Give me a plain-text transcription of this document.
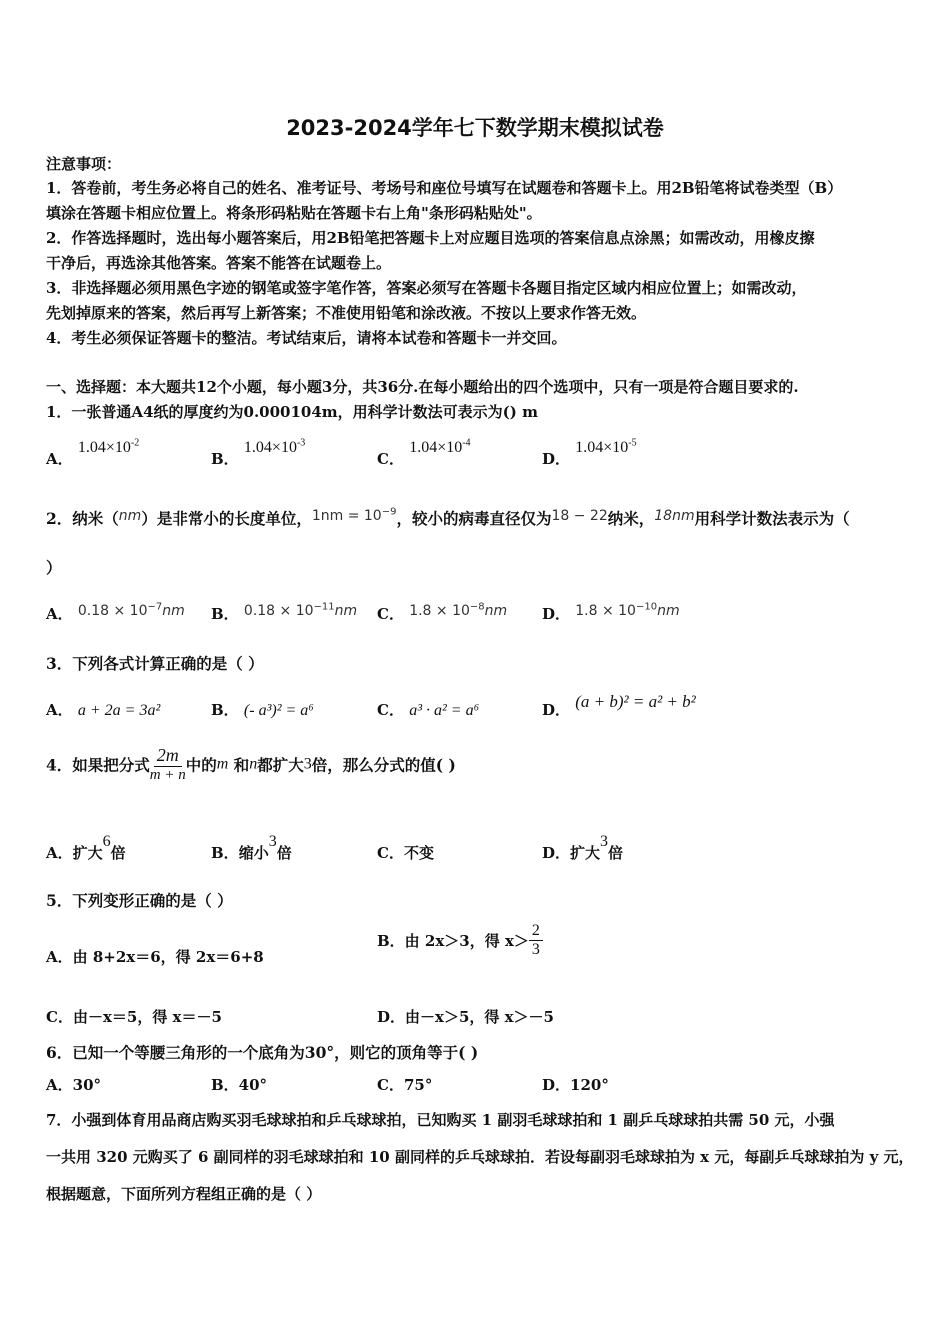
2023-2024学年七下数学期末模拟试卷
注意事项：
1．答卷前，考生务必将自己的姓名、准考证号、考场号和座位号填写在试题卷和答题卡上。用2B铅笔将试卷类型（B）
填涂在答题卡相应位置上。将条形码粘贴在答题卡右上角"条形码粘贴处"。
2．作答选择题时，选出每小题答案后，用2B铅笔把答题卡上对应题目选项的答案信息点涂黑；如需改动，用橡皮擦
干净后，再选涂其他答案。答案不能答在试题卷上。
3．非选择题必须用黑色字迹的钢笔或签字笔作答，答案必须写在答题卡各题目指定区域内相应位置上；如需改动，
先划掉原来的答案，然后再写上新答案；不准使用铅笔和涂改液。不按以上要求作答无效。
4．考生必须保证答题卡的整洁。考试结束后，请将本试卷和答题卡一并交回。
一、选择题：本大题共12个小题，每小题3分，共36分.在每小题给出的四个选项中，只有一项是符合题目要求的.
1．一张普通A4纸的厚度约为0.000104m，用科学计数法可表示为() m
A． $1.04\times 10^{-2}$
B． $1.04\times 10^{-3}$
C． $1.04\times 10^{-4}$
D． $1.04\times 10^{-5}$
2．纳米（nm）是非常小的长度单位，$1nm = 10^{-9}$，较小的病毒直径仅为18 − 22纳米，18nm用科学计数法表示为（
）
A． $0.18 \times 10^{-7}nm$ B． $0.18 \times 10^{-11}nm$ C． $1.8 \times 10^{-8}nm$ D． $1.8 \times 10^{-10}nm$
3．下列各式计算正确的是（ ）
A． a + 2a = 3a²	B． (- a³)² = a⁶	C． a³ · a² = a⁶	D． (a + b)² = a² + b²
4．如果把分式 $\frac{2m}{m + n}$ 中的m 和n都扩大3倍，那么分式的值( )
A．扩大6倍	B．缩小3倍	C．不变	D．扩大3倍
5．下列变形正确的是（ ）
A．由 8+2x＝6，得 2x＝6+8
B．由 2x＞3，得 $x> \frac{2}{3}$
C．由－x＝5，得 x＝－5	D．由－x＞5，得 x＞－5
6．已知一个等腰三角形的一个底角为30°，则它的顶角等于( )
A．30°	B．40°	C．75°	D．120°
7．小强到体育用品商店购买羽毛球球拍和乒乓球球拍，已知购买 1 副羽毛球球拍和 1 副乒乓球球拍共需 50 元，小强
一共用 320 元购买了 6 副同样的羽毛球球拍和 10 副同样的乒乓球球拍．若设每副羽毛球球拍为 x 元，每副乒乓球球拍为 y 元，
根据题意，下面所列方程组正确的是（ ）
